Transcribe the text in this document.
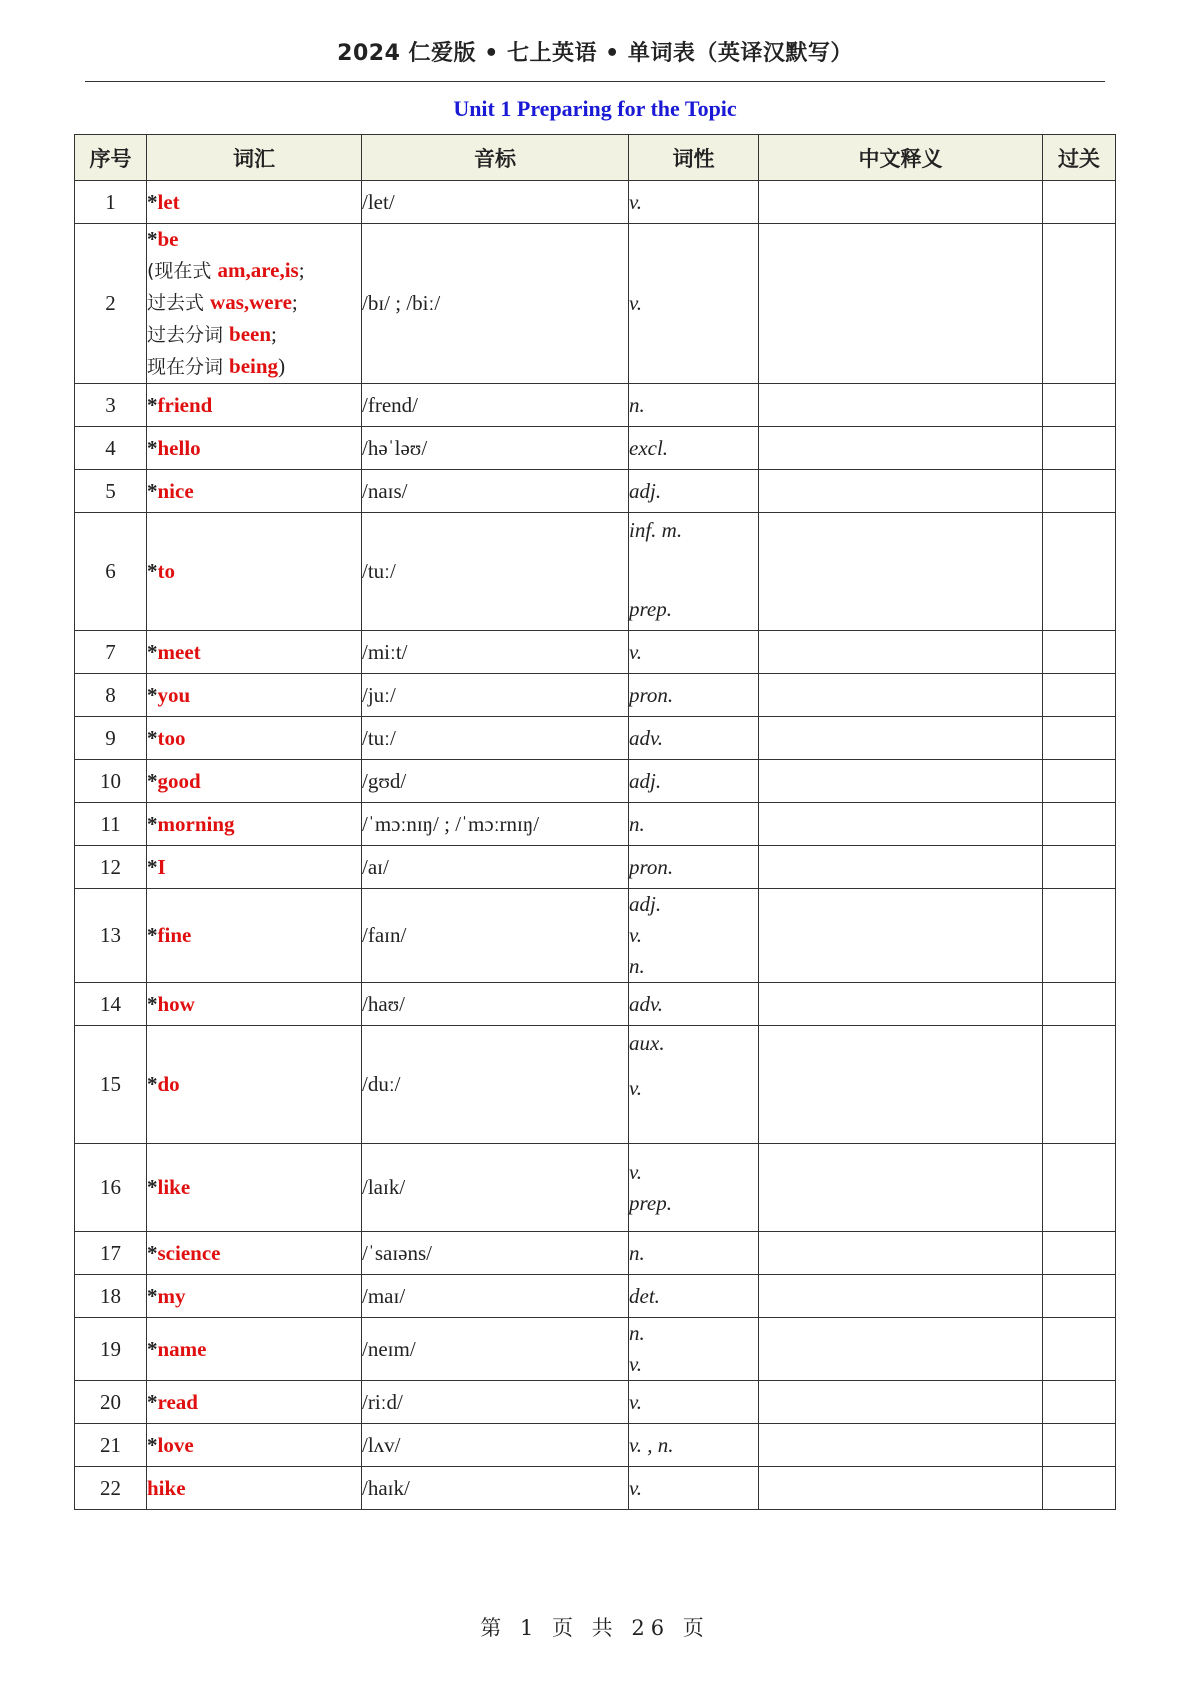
2024 仁爱版 • 七上英语 • 单词表（英译汉默写）
Unit 1 Preparing for the Topic
序号	词汇	音标	词性	中文释义	过关
1	*let	/let/	v.		

2	*be
(现在式 am,are,is;
过去式 was,were;
过去分词 been;
现在分词 being)	/bɪ/ ; /biː/	v.		

3	*friend	/frend/	n.		

4	*hello	/həˈləʊ/	excl.		

5	*nice	/naɪs/	adj.		

6	*to	/tuː/	inf. m.
prep.		

7	*meet	/miːt/	v.		

8	*you	/juː/	pron.		

9	*too	/tuː/	adv.		

10	*good	/gʊd/	adj.		

11	*morning	/ˈmɔːnɪŋ/ ; /ˈmɔːrnɪŋ/	n.		

12	*I	/aɪ/	pron.		

13	*fine	/faɪn/	adj.
v.
n.		

14	*how	/haʊ/	adv.		

15	*do	/duː/	aux.
v.		

16	*like	/laɪk/	v.
prep.		

17	*science	/ˈsaɪəns/	n.		

18	*my	/maɪ/	det.		

19	*name	/neɪm/	n.
v.		

20	*read	/riːd/	v.		

21	*love	/lʌv/	v. , n.		

22	hike	/haɪk/	v.		

第 1 页 共 26 页
